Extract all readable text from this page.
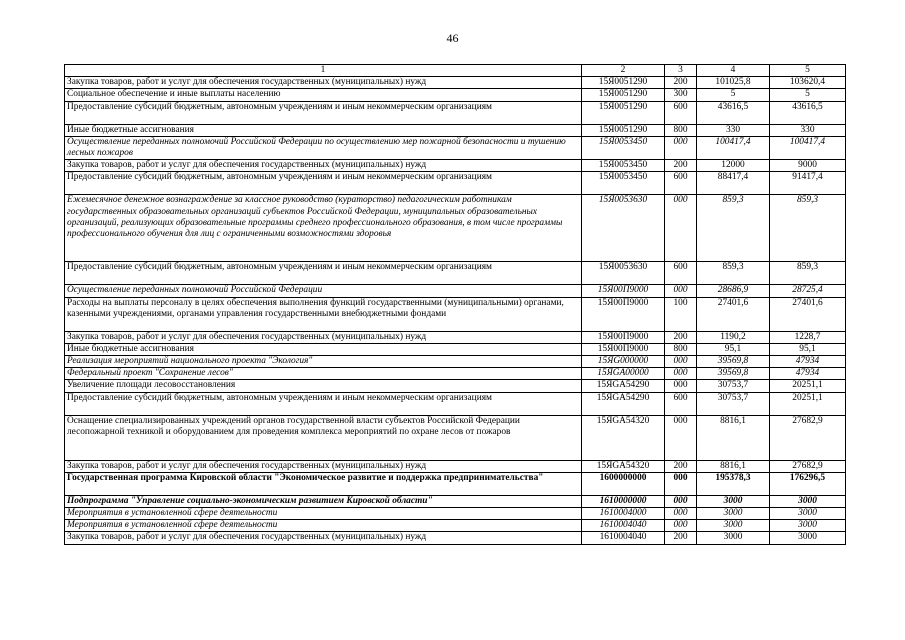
46
1	2	3	4	5
Закупка товаров, работ и услуг для обеспечения государственных (муниципальных) нужд	15Я0051290	200	101025,8	103620,4
Социальное обеспечение и иные выплаты населению	15Я0051290	300	5	5
Предоставление субсидий бюджетным, автономным учреждениям и иным некоммерческим организациям	15Я0051290	600	43616,5	43616,5
Иные бюджетные ассигнования	15Я0051290	800	330	330
Осуществление переданных полномочий Российской Федерации по осуществлению мер пожарной безопасности и тушению лесных пожаров	15Я0053450	000	100417,4	100417,4
Закупка товаров, работ и услуг для обеспечения государственных (муниципальных) нужд	15Я0053450	200	12000	9000
Предоставление субсидий бюджетным, автономным учреждениям и иным некоммерческим организациям	15Я0053450	600	88417,4	91417,4
Ежемесячное денежное вознаграждение за классное руководство (кураторство) педагогическим работникам государственных образовательных организаций субъектов Российской Федерации, муниципальных образовательных организаций, реализующих образовательные программы среднего профессионального образования, в том числе программы профессионального обучения для лиц с ограниченными возможностями здоровья	15Я0053630	000	859,3	859,3
Предоставление субсидий бюджетным, автономным учреждениям и иным некоммерческим организациям	15Я0053630	600	859,3	859,3
Осуществление переданных полномочий Российской Федерации	15Я00П9000	000	28686,9	28725,4
Расходы на выплаты персоналу в целях обеспечения выполнения функций государственными (муниципальными) органами, казенными учреждениями, органами управления государственными внебюджетными фондами	15Я00П9000	100	27401,6	27401,6
Закупка товаров, работ и услуг для обеспечения государственных (муниципальных) нужд	15Я00П9000	200	1190,2	1228,7
Иные бюджетные ассигнования	15Я00П9000	800	95,1	95,1
Реализация мероприятий национального проекта "Экология"	15ЯG000000	000	39569,8	47934
Федеральный проект "Сохранение лесов"	15ЯGA00000	000	39569,8	47934
Увеличение площади лесовосстановления	15ЯGA54290	000	30753,7	20251,1
Предоставление субсидий бюджетным, автономным учреждениям и иным некоммерческим организациям	15ЯGA54290	600	30753,7	20251,1
Оснащение специализированных учреждений органов государственной власти субъектов Российской Федерации лесопожарной техникой и оборудованием для проведения комплекса мероприятий по охране лесов от пожаров	15ЯGA54320	000	8816,1	27682,9
Закупка товаров, работ и услуг для обеспечения государственных (муниципальных) нужд	15ЯGA54320	200	8816,1	27682,9
Государственная программа Кировской области "Экономическое развитие и поддержка предпринимательства"	1600000000	000	195378,3	176296,5
Подпрограмма "Управление социально-экономическим развитием Кировской области"	1610000000	000	3000	3000
Мероприятия в установленной сфере деятельности	1610004000	000	3000	3000
Мероприятия в установленной сфере деятельности	1610004040	000	3000	3000
Закупка товаров, работ и услуг для обеспечения государственных (муниципальных) нужд	1610004040	200	3000	3000
